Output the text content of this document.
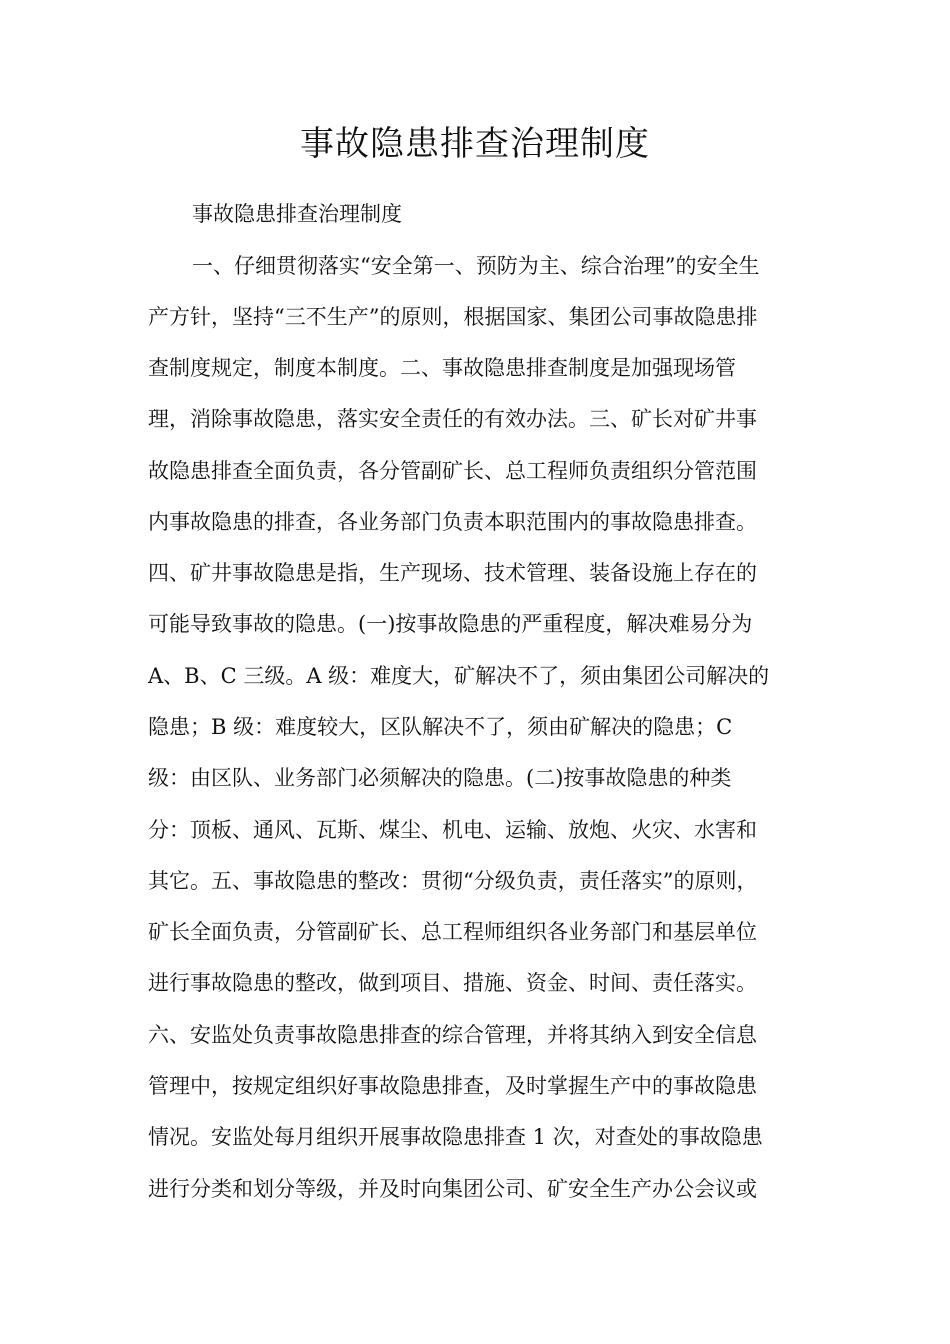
事故隐患排查治理制度
事故隐患排查治理制度
一、仔细贯彻落实“安全第一、预防为主、综合治理”的安全生
产方针，坚持“三不生产”的原则，根据国家、集团公司事故隐患排
查制度规定，制度本制度。二、事故隐患排查制度是加强现场管
理，消除事故隐患，落实安全责任的有效办法。三、矿长对矿井事
故隐患排查全面负责，各分管副矿长、总工程师负责组织分管范围
内事故隐患的排查，各业务部门负责本职范围内的事故隐患排查。
四、矿井事故隐患是指，生产现场、技术管理、装备设施上存在的
可能导致事故的隐患。(一)按事故隐患的严重程度，解决难易分为
A、B、C 三级。A 级：难度大，矿解决不了，须由集团公司解决的
隐患；B 级：难度较大，区队解决不了，须由矿解决的隐患；C
级：由区队、业务部门必须解决的隐患。(二)按事故隐患的种类
分：顶板、通风、瓦斯、煤尘、机电、运输、放炮、火灾、水害和
其它。五、事故隐患的整改：贯彻“分级负责，责任落实”的原则，
矿长全面负责，分管副矿长、总工程师组织各业务部门和基层单位
进行事故隐患的整改，做到项目、措施、资金、时间、责任落实。
六、安监处负责事故隐患排查的综合管理，并将其纳入到安全信息
管理中，按规定组织好事故隐患排查，及时掌握生产中的事故隐患
情况。安监处每月组织开展事故隐患排查 1 次，对查处的事故隐患
进行分类和划分等级，并及时向集团公司、矿安全生产办公会议或
